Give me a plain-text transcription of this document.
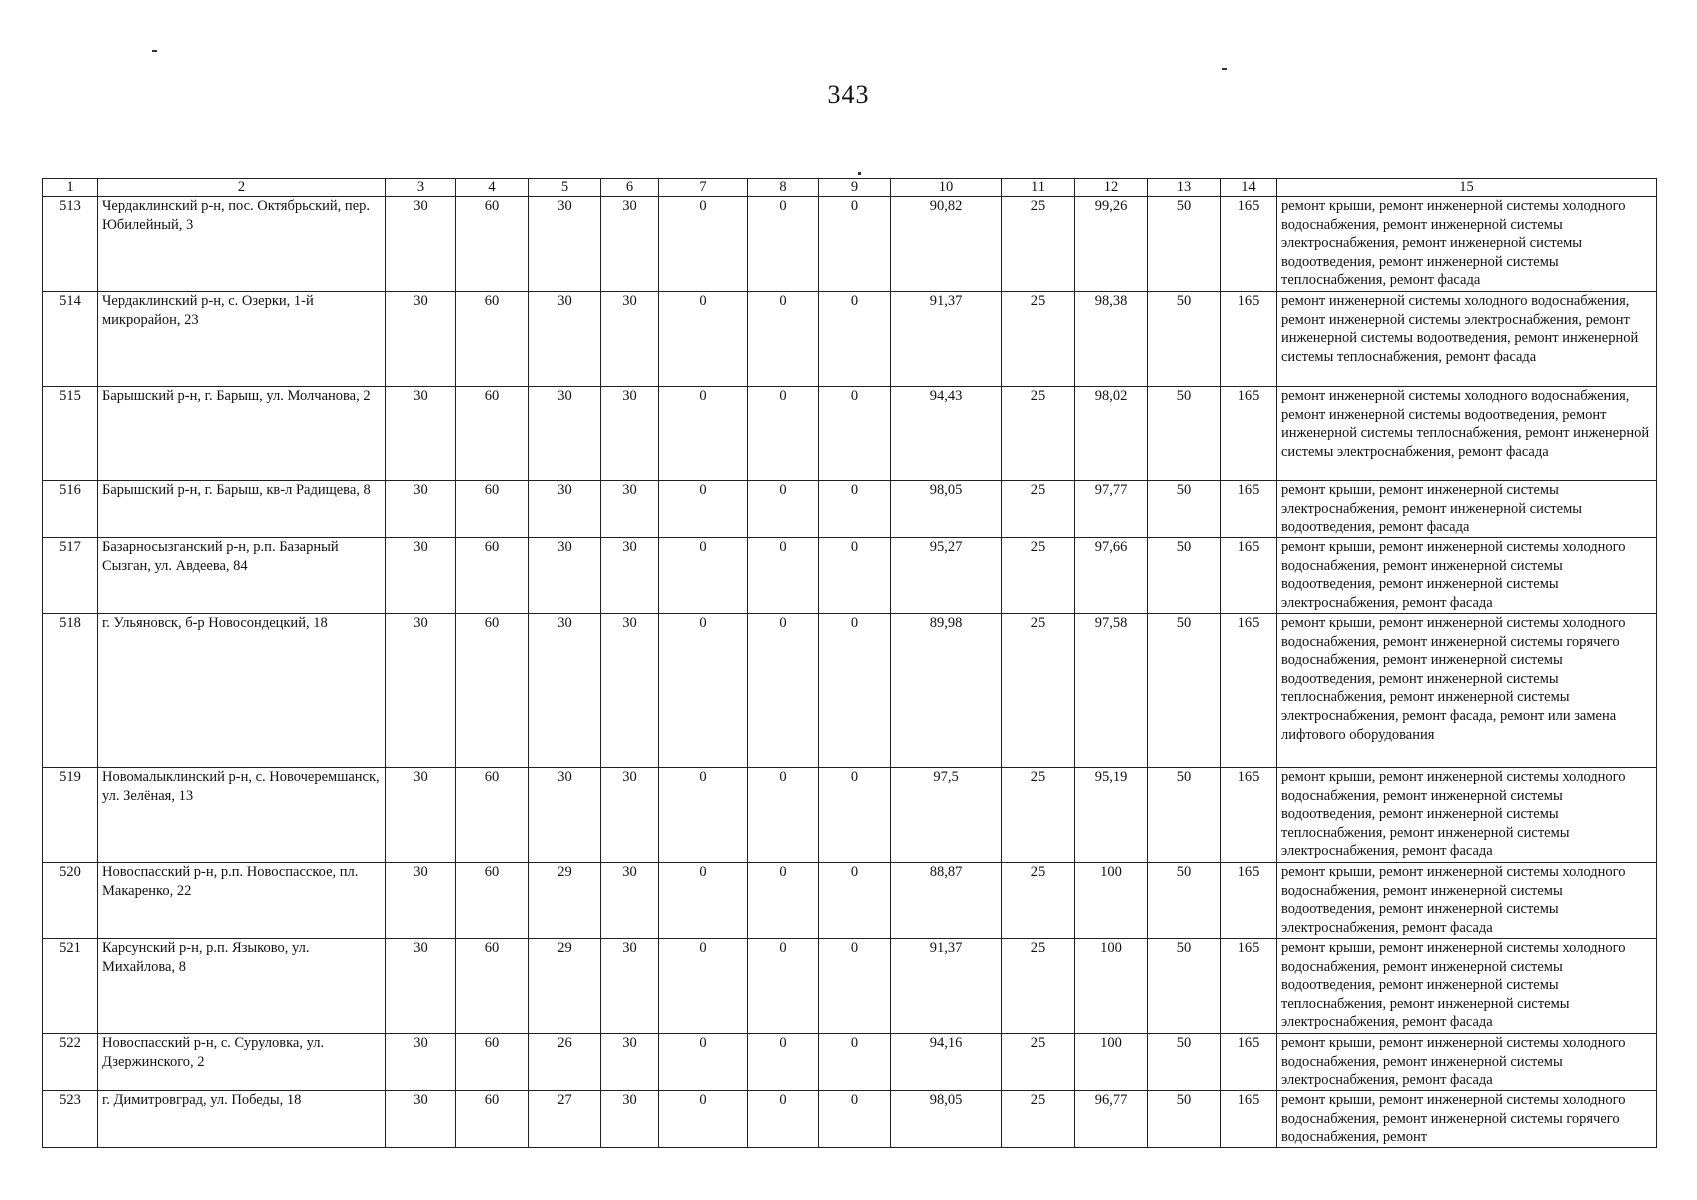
343
1	2	3	4	5	6	7	8	9	10	11	12	13	14	15
513	Чердаклинский р-н, пос. Октябрьский, пер. Юбилейный, 3	30	60	30	30	0	0	0	90,82	25	99,26	50	165	ремонт крыши, ремонт инженерной системы холодного водоснабжения, ремонт инженерной системы электроснабжения, ремонт инженерной системы водоотведения, ремонт инженерной системы теплоснабжения, ремонт фасада
514	Чердаклинский р-н, с. Озерки, 1-й микрорайон, 23	30	60	30	30	0	0	0	91,37	25	98,38	50	165	ремонт инженерной системы холодного водоснабжения, ремонт инженерной системы электроснабжения, ремонт инженерной системы водоотведения, ремонт инженерной системы теплоснабжения, ремонт фасада
515	Барышский р-н, г. Барыш, ул. Молчанова, 2	30	60	30	30	0	0	0	94,43	25	98,02	50	165	ремонт инженерной системы холодного водоснабжения, ремонт инженерной системы водоотведения, ремонт инженерной системы теплоснабжения, ремонт инженерной системы электроснабжения, ремонт фасада
516	Барышский р-н, г. Барыш, кв-л Радищева, 8	30	60	30	30	0	0	0	98,05	25	97,77	50	165	ремонт крыши, ремонт инженерной системы электроснабжения, ремонт инженерной системы водоотведения, ремонт фасада
517	Базарносызганский р-н, р.п. Базарный Сызган, ул. Авдеева, 84	30	60	30	30	0	0	0	95,27	25	97,66	50	165	ремонт крыши, ремонт инженерной системы холодного водоснабжения, ремонт инженерной системы водоотведения, ремонт инженерной системы электроснабжения, ремонт фасада
518	г. Ульяновск, б-р Новосондецкий, 18	30	60	30	30	0	0	0	89,98	25	97,58	50	165	ремонт крыши, ремонт инженерной системы холодного водоснабжения, ремонт инженерной системы горячего водоснабжения, ремонт инженерной системы водоотведения, ремонт инженерной системы теплоснабжения, ремонт инженерной системы электроснабжения, ремонт фасада, ремонт или замена лифтового оборудования
519	Новомалыклинский р-н, с. Новочеремшанск, ул. Зелёная, 13	30	60	30	30	0	0	0	97,5	25	95,19	50	165	ремонт крыши, ремонт инженерной системы холодного водоснабжения, ремонт инженерной системы водоотведения, ремонт инженерной системы теплоснабжения, ремонт инженерной системы электроснабжения, ремонт фасада
520	Новоспасский р-н, р.п. Новоспасское, пл. Макаренко, 22	30	60	29	30	0	0	0	88,87	25	100	50	165	ремонт крыши, ремонт инженерной системы холодного водоснабжения, ремонт инженерной системы водоотведения, ремонт инженерной системы электроснабжения, ремонт фасада
521	Карсунский р-н, р.п. Языково, ул. Михайлова, 8	30	60	29	30	0	0	0	91,37	25	100	50	165	ремонт крыши, ремонт инженерной системы холодного водоснабжения, ремонт инженерной системы водоотведения, ремонт инженерной системы теплоснабжения, ремонт инженерной системы электроснабжения, ремонт фасада
522	Новоспасский р-н, с. Суруловка, ул. Дзержинского, 2	30	60	26	30	0	0	0	94,16	25	100	50	165	ремонт крыши, ремонт инженерной системы холодного водоснабжения, ремонт инженерной системы электроснабжения, ремонт фасада
523	г. Димитровград, ул. Победы, 18	30	60	27	30	0	0	0	98,05	25	96,77	50	165	ремонт крыши, ремонт инженерной системы холодного водоснабжения, ремонт инженерной системы горячего водоснабжения, ремонт
